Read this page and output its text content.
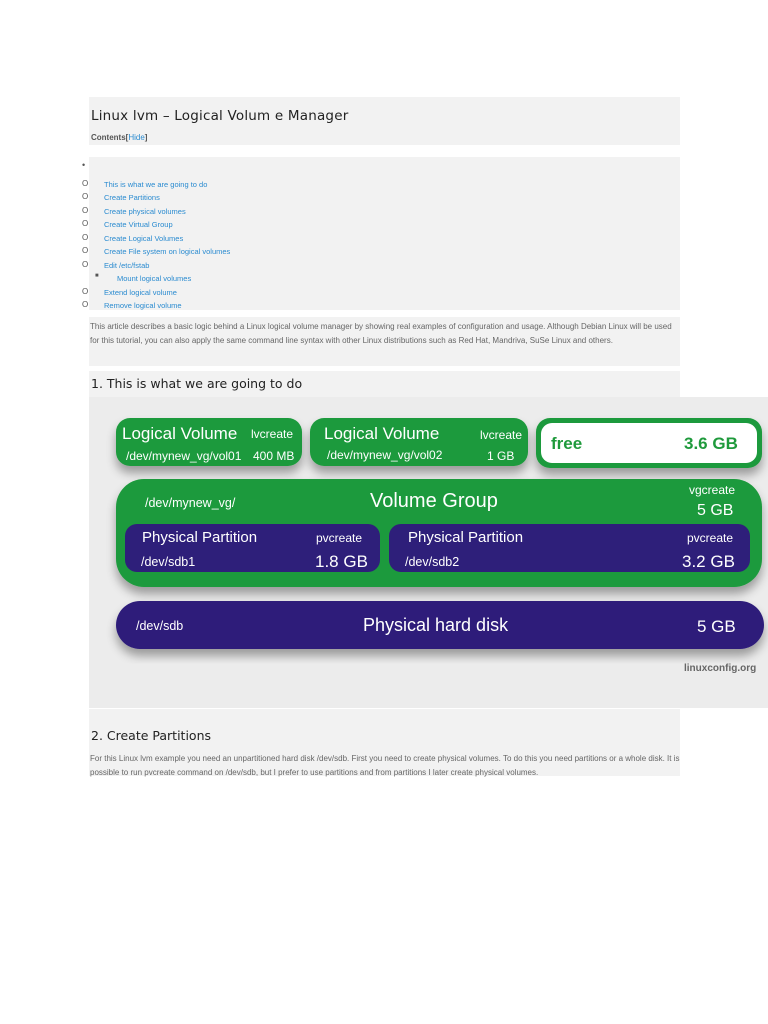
Linux lvm – Logical Volum e Manager
Contents[Hide]
•
O This is what we are going to do
O Create Partitions
O Create physical volumes
O Create Virtual Group
O Create Logical Volumes
O Create File system on logical volumes
O Edit /etc/fstab
■ Mount logical volumes
O Extend logical volume
O Remove logical volume

This article describes a basic logic behind a Linux logical volume manager by showing real examples of configuration and usage. Although Debian Linux will be used for this tutorial, you can also apply the same command line syntax with other Linux distributions such as Red Hat, Mandriva, SuSe Linux and others.

1. This is what we are going to do
Logical Volume lvcreate
/dev/mynew_vg/vol01 400 MB
Logical Volume	lvcreate
/dev/mynew_vg/vol02	1 GB
free	3.6 GB
/dev/mynew_vg/	Volume Group	vgcreate
5 GB
Physical Partition	pvcreate
/dev/sdb1	1.8 GB
Physical Partition	pvcreate
/dev/sdb2	3.2 GB
/dev/sdb	Physical hard disk	5 GB
linuxconfig.org
2. Create Partitions

For this Linux lvm example you need an unpartitioned hard disk /dev/sdb. First you need to create physical volumes. To do this you need partitions or a whole disk. It is possible to run pvcreate command on /dev/sdb, but I prefer to use partitions and from partitions I later create physical volumes.
